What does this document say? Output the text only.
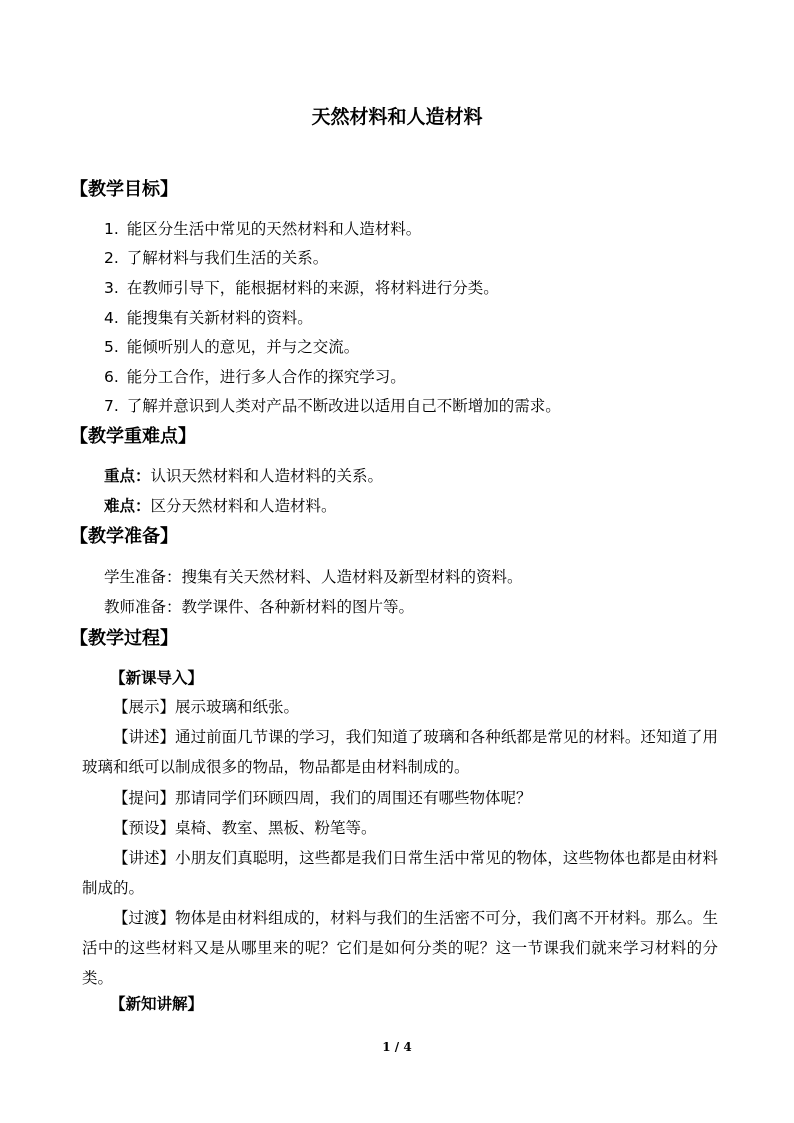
天然材料和人造材料
【教学目标】
1. 能区分生活中常见的天然材料和人造材料。
2. 了解材料与我们生活的关系。
3. 在教师引导下，能根据材料的来源，将材料进行分类。
4. 能搜集有关新材料的资料。
5. 能倾听别人的意见，并与之交流。
6. 能分工合作，进行多人合作的探究学习。
7. 了解并意识到人类对产品不断改进以适用自己不断增加的需求。
【教学重难点】
重点：认识天然材料和人造材料的关系。
难点：区分天然材料和人造材料。
【教学准备】
学生准备：搜集有关天然材料、人造材料及新型材料的资料。
教师准备：教学课件、各种新材料的图片等。
【教学过程】
【新课导入】
【展示】展示玻璃和纸张。
【讲述】通过前面几节课的学习，我们知道了玻璃和各种纸都是常见的材料。还知道了用玻璃和纸可以制成很多的物品，物品都是由材料制成的。
【提问】那请同学们环顾四周，我们的周围还有哪些物体呢？
【预设】桌椅、教室、黑板、粉笔等。
【讲述】小朋友们真聪明，这些都是我们日常生活中常见的物体，这些物体也都是由材料制成的。
【过渡】物体是由材料组成的，材料与我们的生活密不可分，我们离不开材料。那么。生活中的这些材料又是从哪里来的呢？它们是如何分类的呢？这一节课我们就来学习材料的分类。
【新知讲解】
1 / 4
